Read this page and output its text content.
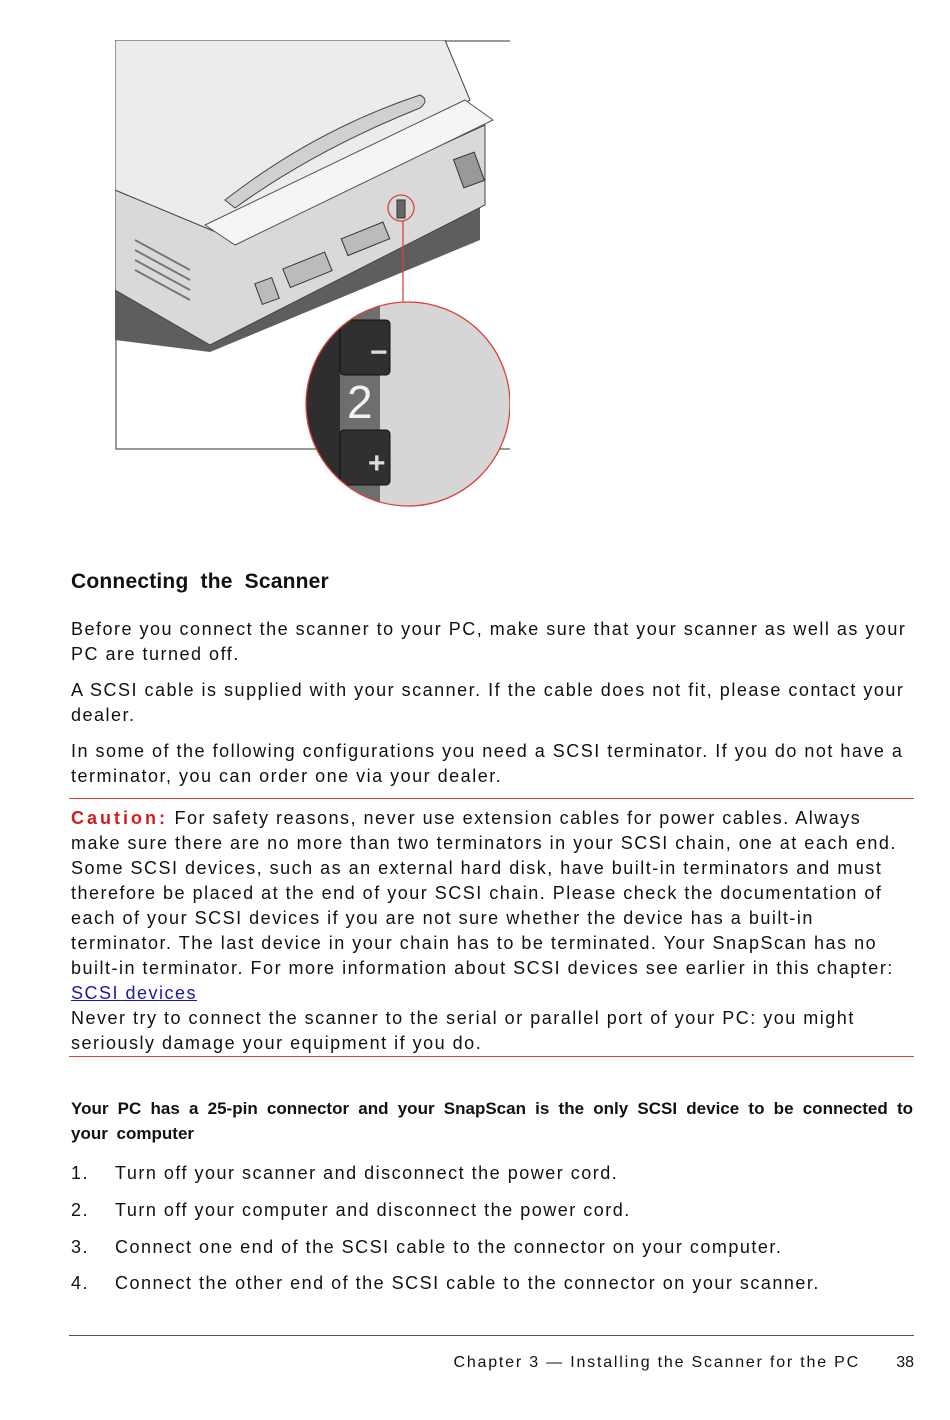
−
2
+
Connecting the Scanner

Before you connect the scanner to your PC, make sure that your scanner as well as your PC are turned off.

A SCSI cable is supplied with your scanner. If the cable does not fit, please contact your dealer.

In some of the following configurations you need a SCSI terminator. If you do not have a terminator, you can order one via your dealer.

Caution: For safety reasons, never use extension cables for power cables. Always make sure there are no more than two terminators in your SCSI chain, one at each end. Some SCSI devices, such as an external hard disk, have built-in terminators and must therefore be placed at the end of your SCSI chain. Please check the documentation of each of your SCSI devices if you are not sure whether the device has a built-in terminator. The last device in your chain has to be terminated. Your SnapScan has no built-in terminator. For more information about SCSI devices see earlier in this chapter: SCSI devices
Never try to connect the scanner to the serial or parallel port of your PC: you might seriously damage your equipment if you do.
Your PC has a 25-pin connector and your SnapScan is the only SCSI device to be connected to your computer
1. Turn off your scanner and disconnect the power cord.
2. Turn off your computer and disconnect the power cord.
3. Connect one end of the SCSI cable to the connector on your computer.
4. Connect the other end of the SCSI cable to the connector on your scanner.
Chapter 3 — Installing the Scanner for the PC 38
